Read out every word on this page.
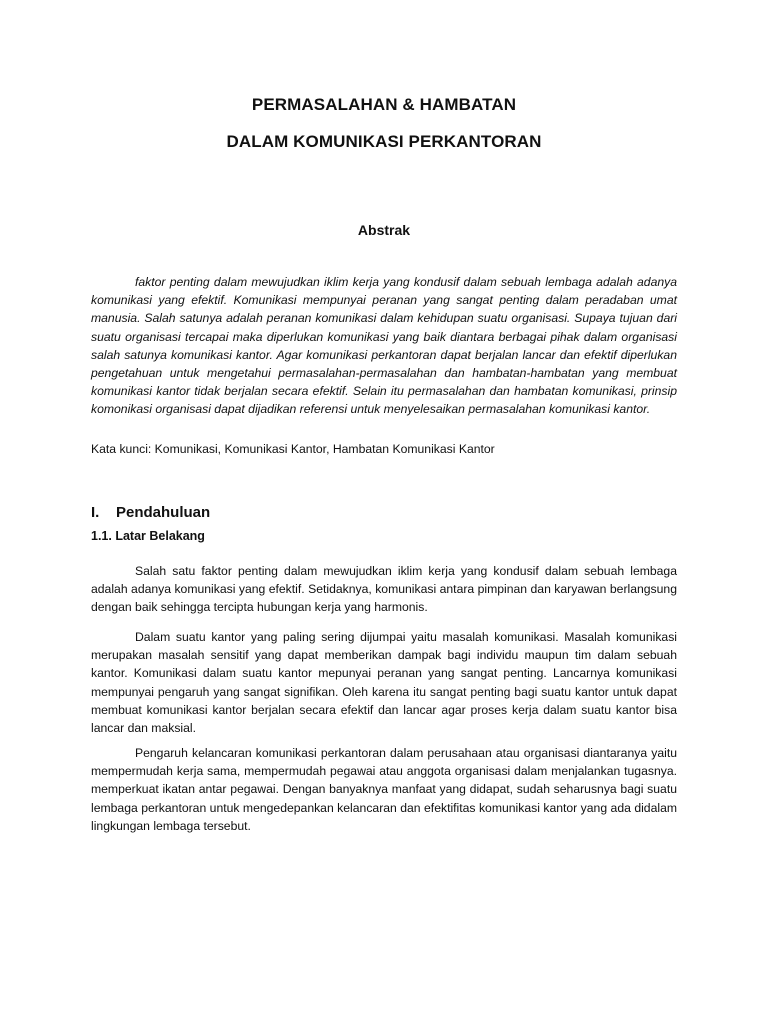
PERMASALAHAN & HAMBATAN
DALAM KOMUNIKASI PERKANTORAN
Abstrak
faktor penting dalam mewujudkan iklim kerja yang kondusif dalam sebuah lembaga adalah adanya komunikasi yang efektif. Komunikasi mempunyai peranan yang sangat penting dalam peradaban umat manusia. Salah satunya adalah peranan komunikasi dalam kehidupan suatu organisasi. Supaya tujuan dari suatu organisasi tercapai maka diperlukan komunikasi yang baik diantara berbagai pihak dalam organisasi salah satunya komunikasi kantor. Agar komunikasi perkantoran dapat berjalan lancar dan efektif diperlukan pengetahuan untuk mengetahui permasalahan-permasalahan dan hambatan-hambatan yang membuat komunikasi kantor tidak berjalan secara efektif. Selain itu permasalahan dan hambatan komunikasi, prinsip komonikasi organisasi dapat dijadikan referensi untuk menyelesaikan permasalahan komunikasi kantor.
Kata kunci: Komunikasi, Komunikasi Kantor, Hambatan Komunikasi Kantor
I. Pendahuluan
1.1. Latar Belakang
Salah satu faktor penting dalam mewujudkan iklim kerja yang kondusif dalam sebuah lembaga adalah adanya komunikasi yang efektif. Setidaknya, komunikasi antara pimpinan dan karyawan berlangsung dengan baik sehingga tercipta hubungan kerja yang harmonis.
Dalam suatu kantor yang paling sering dijumpai yaitu masalah komunikasi. Masalah komunikasi merupakan masalah sensitif yang dapat memberikan dampak bagi individu maupun tim dalam sebuah kantor. Komunikasi dalam suatu kantor mepunyai peranan yang sangat penting. Lancarnya komunikasi mempunyai pengaruh yang sangat signifikan. Oleh karena itu sangat penting bagi suatu kantor untuk dapat membuat komunikasi kantor berjalan secara efektif dan lancar agar proses kerja dalam suatu kantor bisa lancar dan maksial.
Pengaruh kelancaran komunikasi perkantoran dalam perusahaan atau organisasi diantaranya yaitu mempermudah kerja sama, mempermudah pegawai atau anggota organisasi dalam menjalankan tugasnya. memperkuat ikatan antar pegawai. Dengan banyaknya manfaat yang didapat, sudah seharusnya bagi suatu lembaga perkantoran untuk mengedepankan kelancaran dan efektifitas komunikasi kantor yang ada didalam lingkungan lembaga tersebut.
